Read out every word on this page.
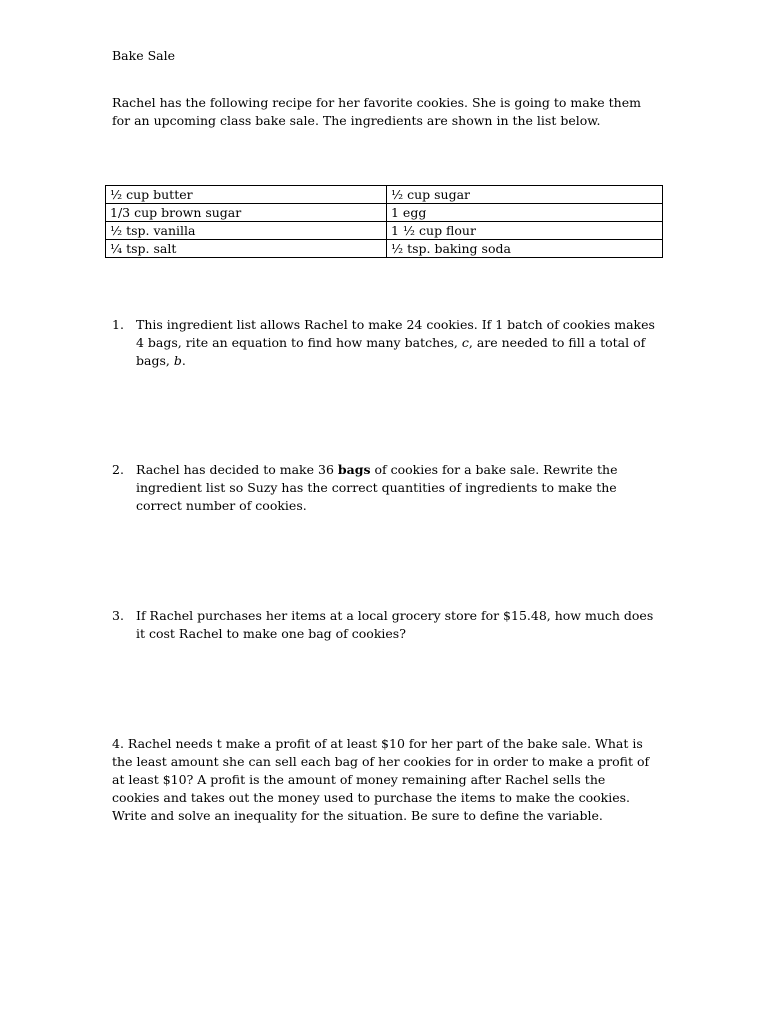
Bake Sale
Rachel has the following recipe for her favorite cookies. She is going to make them
for an upcoming class bake sale. The ingredients are shown in the list below.
½ cup butter	½ cup sugar
1/3 cup brown sugar	1 egg
½ tsp. vanilla	1 ½ cup flour
¼ tsp. salt	½ tsp. baking soda
1. This ingredient list allows Rachel to make 24 cookies. If 1 batch of cookies makes
4 bags, rite an equation to find how many batches, c, are needed to fill a total of
bags, b.
2. Rachel has decided to make 36 bags of cookies for a bake sale. Rewrite the
ingredient list so Suzy has the correct quantities of ingredients to make the
correct number of cookies.
3. If Rachel purchases her items at a local grocery store for $15.48, how much does
it cost Rachel to make one bag of cookies?
4. Rachel needs t make a profit of at least $10 for her part of the bake sale. What is
the least amount she can sell each bag of her cookies for in order to make a profit of
at least $10? A profit is the amount of money remaining after Rachel sells the
cookies and takes out the money used to purchase the items to make the cookies.
Write and solve an inequality for the situation. Be sure to define the variable.
